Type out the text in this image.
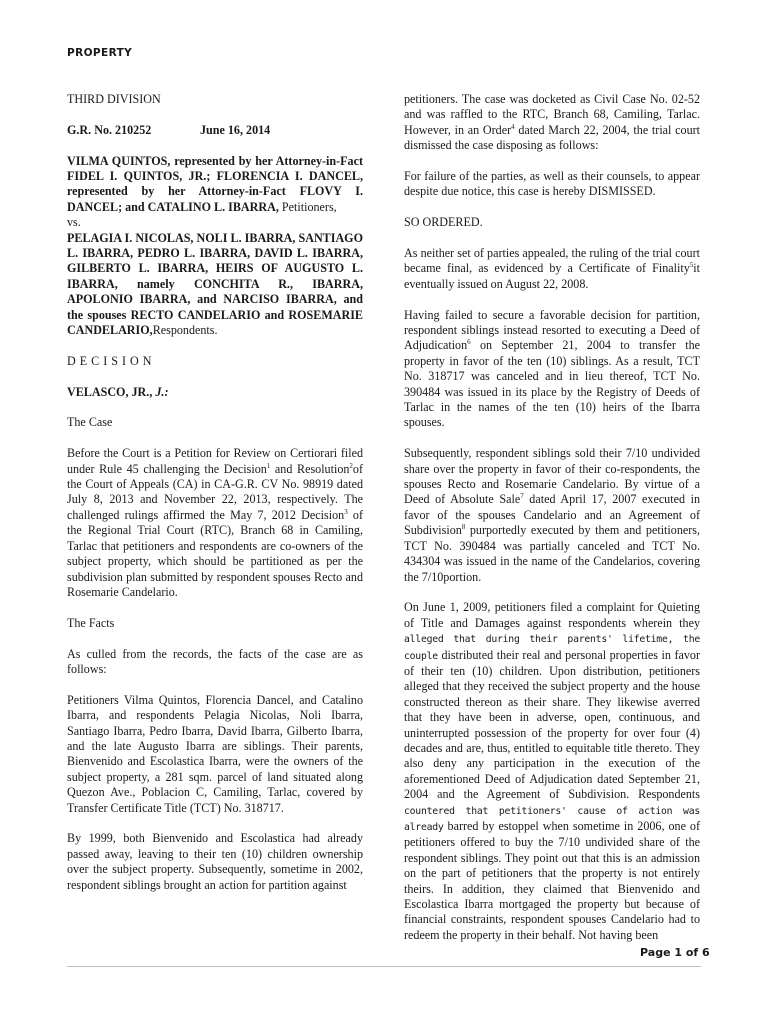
PROPERTY

THIRD DIVISION

G.R. No. 210252	June 16, 2014

VILMA QUINTOS, represented by her Attorney-in-Fact FIDEL I. QUINTOS, JR.; FLORENCIA I. DANCEL, represented by her Attorney-in-Fact FLOVY I. DANCEL; and CATALINO L. IBARRA, Petitioners,
vs.
PELAGIA I. NICOLAS, NOLI L. IBARRA, SANTIAGO L. IBARRA, PEDRO L. IBARRA, DAVID L. IBARRA, GILBERTO L. IBARRA, HEIRS OF AUGUSTO L. IBARRA, namely CONCHITA R., IBARRA, APOLONIO IBARRA, and NARCISO IBARRA, and the spouses RECTO CANDELARIO and ROSEMARIE CANDELARIO,Respondents.

DECISION

VELASCO, JR., J.:

The Case

Before the Court is a Petition for Review on Certiorari filed under Rule 45 challenging the Decision$^1$ and Resolution$^2$of the Court of Appeals (CA) in CA-G.R. CV No. 98919 dated July 8, 2013 and November 22, 2013, respectively. The challenged rulings affirmed the May 7, 2012 Decision$^3$ of the Regional Trial Court (RTC), Branch 68 in Camiling, Tarlac that petitioners and respondents are co-owners of the subject property, which should be partitioned as per the subdivision plan submitted by respondent spouses Recto and Rosemarie Candelario.

The Facts

As culled from the records, the facts of the case are as follows:

Petitioners Vilma Quintos, Florencia Dancel, and Catalino Ibarra, and respondents Pelagia Nicolas, Noli Ibarra, Santiago Ibarra, Pedro Ibarra, David Ibarra, Gilberto Ibarra, and the late Augusto Ibarra are siblings. Their parents, Bienvenido and Escolastica Ibarra, were the owners of the subject property, a 281 sqm. parcel of land situated along Quezon Ave., Poblacion C, Camiling, Tarlac, covered by Transfer Certificate Title (TCT) No. 318717.

By 1999, both Bienvenido and Escolastica had already passed away, leaving to their ten (10) children ownership over the subject property. Subsequently, sometime in 2002, respondent siblings brought an action for partition against

petitioners. The case was docketed as Civil Case No. 02-52 and was raffled to the RTC, Branch 68, Camiling, Tarlac. However, in an Order$^4$ dated March 22, 2004, the trial court dismissed the case disposing as follows:

For failure of the parties, as well as their counsels, to appear despite due notice, this case is hereby DISMISSED.

SO ORDERED.

As neither set of parties appealed, the ruling of the trial court became final, as evidenced by a Certificate of Finality$^5$it eventually issued on August 22, 2008.

Having failed to secure a favorable decision for partition, respondent siblings instead resorted to executing a Deed of Adjudication$^6$ on September 21, 2004 to transfer the property in favor of the ten (10) siblings. As a result, TCT No. 318717 was canceled and in lieu thereof, TCT No. 390484 was issued in its place by the Registry of Deeds of Tarlac in the names of the ten (10) heirs of the Ibarra spouses.

Subsequently, respondent siblings sold their 7/10 undivided share over the property in favor of their co-respondents, the spouses Recto and Rosemarie Candelario. By virtue of a Deed of Absolute Sale$^7$ dated April 17, 2007 executed in favor of the spouses Candelario and an Agreement of Subdivision$^8$ purportedly executed by them and petitioners, TCT No. 390484 was partially canceled and TCT No. 434304 was issued in the name of the Candelarios, covering the 7/10portion.

On June 1, 2009, petitioners filed a complaint for Quieting of Title and Damages against respondents wherein they alleged that during their parents' lifetime, the couple distributed their real and personal properties in favor of their ten (10) children. Upon distribution, petitioners alleged that they received the subject property and the house constructed thereon as their share. They likewise averred that they have been in adverse, open, continuous, and uninterrupted possession of the property for over four (4) decades and are, thus, entitled to equitable title thereto. They also deny any participation in the execution of the aforementioned Deed of Adjudication dated September 21, 2004 and the Agreement of Subdivision. Respondents countered that petitioners' cause of action was already barred by estoppel when sometime in 2006, one of petitioners offered to buy the 7/10 undivided share of the respondent siblings. They point out that this is an admission on the part of petitioners that the property is not entirely theirs. In addition, they claimed that Bienvenido and Escolastica Ibarra mortgaged the property but because of financial constraints, respondent spouses Candelario had to redeem the property in their behalf. Not having been

Page 1 of 6
